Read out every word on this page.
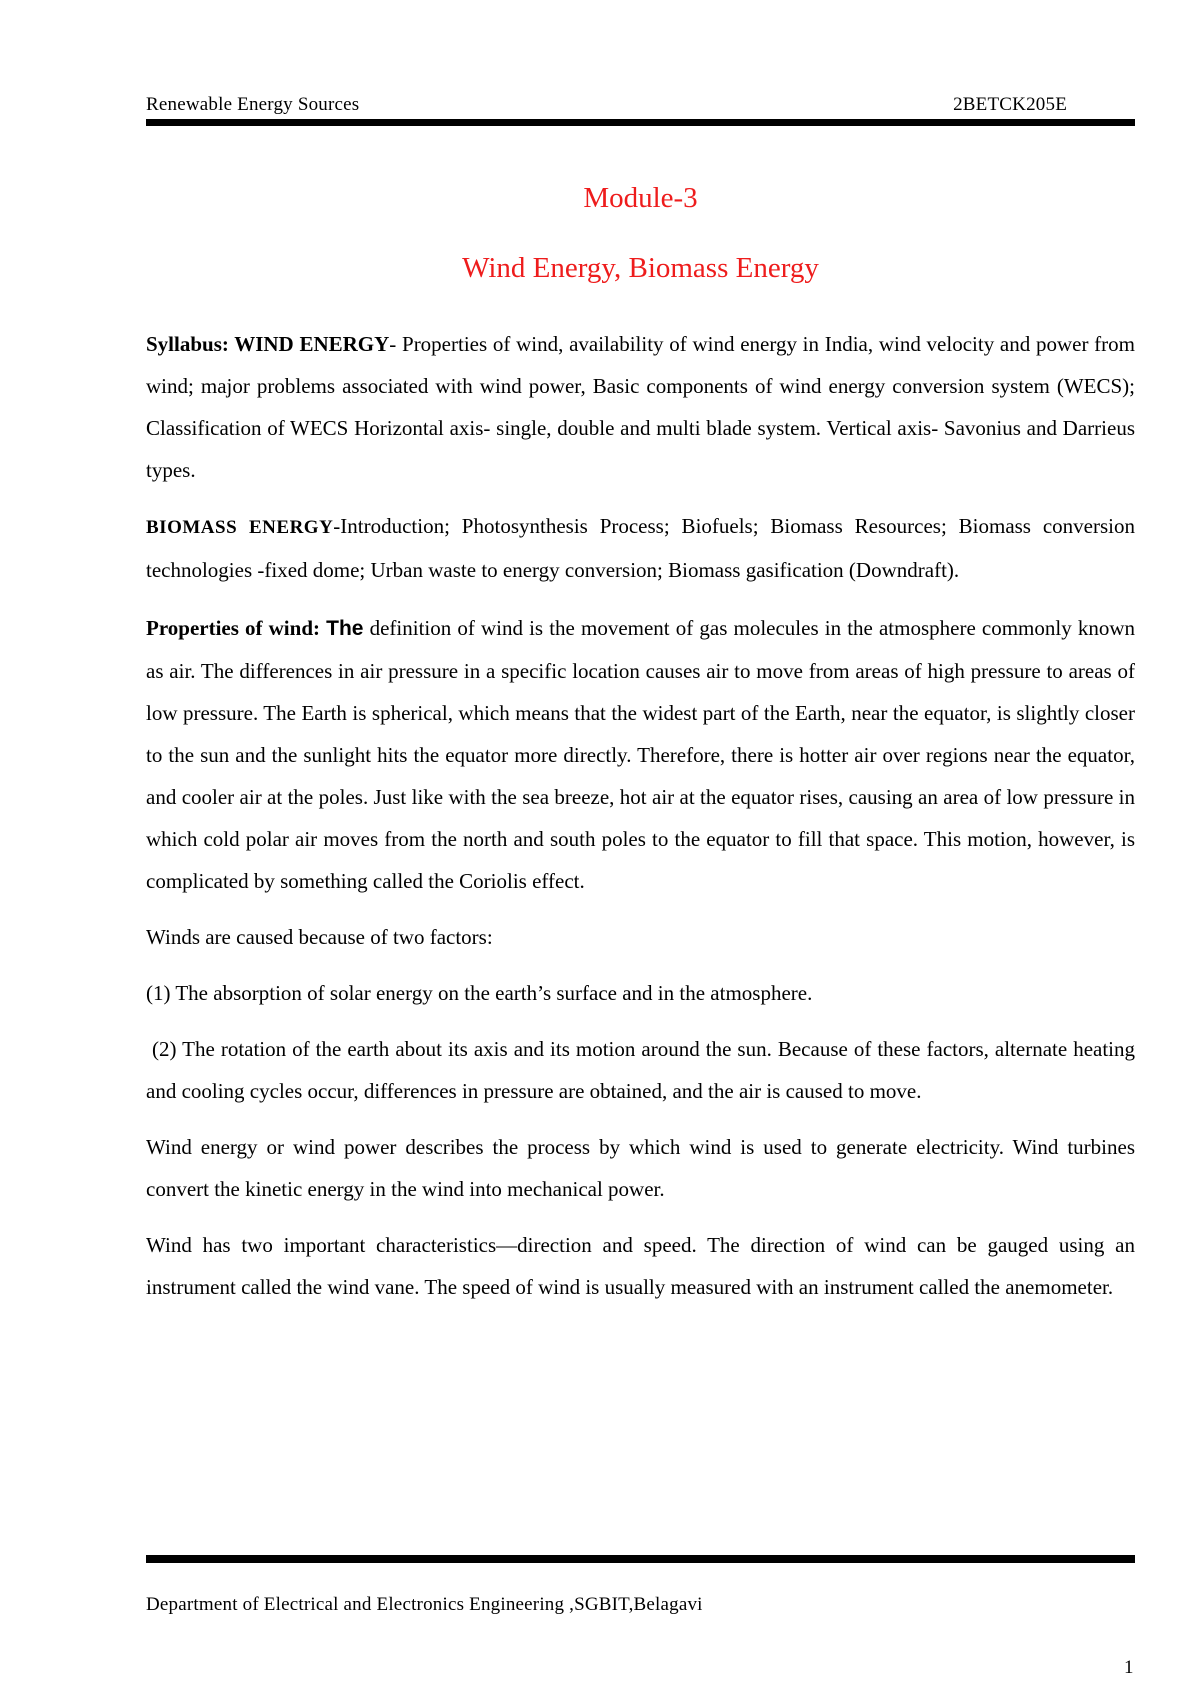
Renewable Energy Sources	2BETCK205E
Module-3
Wind Energy, Biomass Energy

Syllabus: WIND ENERGY- Properties of wind, availability of wind energy in India, wind velocity and power from wind; major problems associated with wind power, Basic components of wind energy conversion system (WECS); Classification of WECS Horizontal axis- single, double and multi blade system. Vertical axis- Savonius and Darrieus types.

BIOMASS ENERGY-Introduction; Photosynthesis Process; Biofuels; Biomass Resources; Biomass conversion technologies -fixed dome; Urban waste to energy conversion; Biomass gasification (Downdraft).

Properties of wind: The definition of wind is the movement of gas molecules in the atmosphere commonly known as air. The differences in air pressure in a specific location causes air to move from areas of high pressure to areas of low pressure. The Earth is spherical, which means that the widest part of the Earth, near the equator, is slightly closer to the sun and the sunlight hits the equator more directly. Therefore, there is hotter air over regions near the equator, and cooler air at the poles. Just like with the sea breeze, hot air at the equator rises, causing an area of low pressure in which cold polar air moves from the north and south poles to the equator to fill that space. This motion, however, is complicated by something called the Coriolis effect.

Winds are caused because of two factors:

(1) The absorption of solar energy on the earth’s surface and in the atmosphere.

(2) The rotation of the earth about its axis and its motion around the sun. Because of these factors, alternate heating and cooling cycles occur, differences in pressure are obtained, and the air is caused to move.

Wind energy or wind power describes the process by which wind is used to generate electricity. Wind turbines convert the kinetic energy in the wind into mechanical power.

Wind has two important characteristics—direction and speed. The direction of wind can be gauged using an instrument called the wind vane. The speed of wind is usually measured with an instrument called the anemometer.

Department of Electrical and Electronics Engineering ,SGBIT,Belagavi
1
